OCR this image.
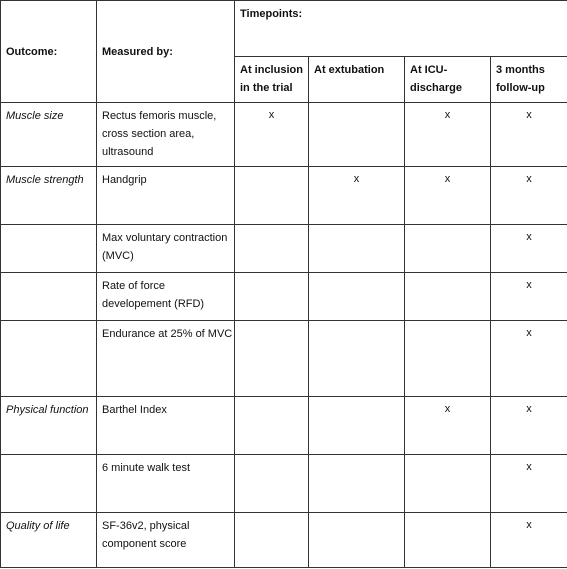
Outcome:	Measured by:	Timepoints:			

		At inclusion in the trial	At extubation	At ICU-discharge	3 months follow-up

Muscle size	Rectus femoris muscle, cross section area, ultrasound	x		x	x

Muscle strength	Handgrip		x	x	x

	Max voluntary contraction (MVC)				x

	Rate of force developement (RFD)				x

	Endurance at 25% of MVC				x

Physical function	Barthel Index			x	x

	6 minute walk test				x

Quality of life	SF-36v2, physical component score				x
